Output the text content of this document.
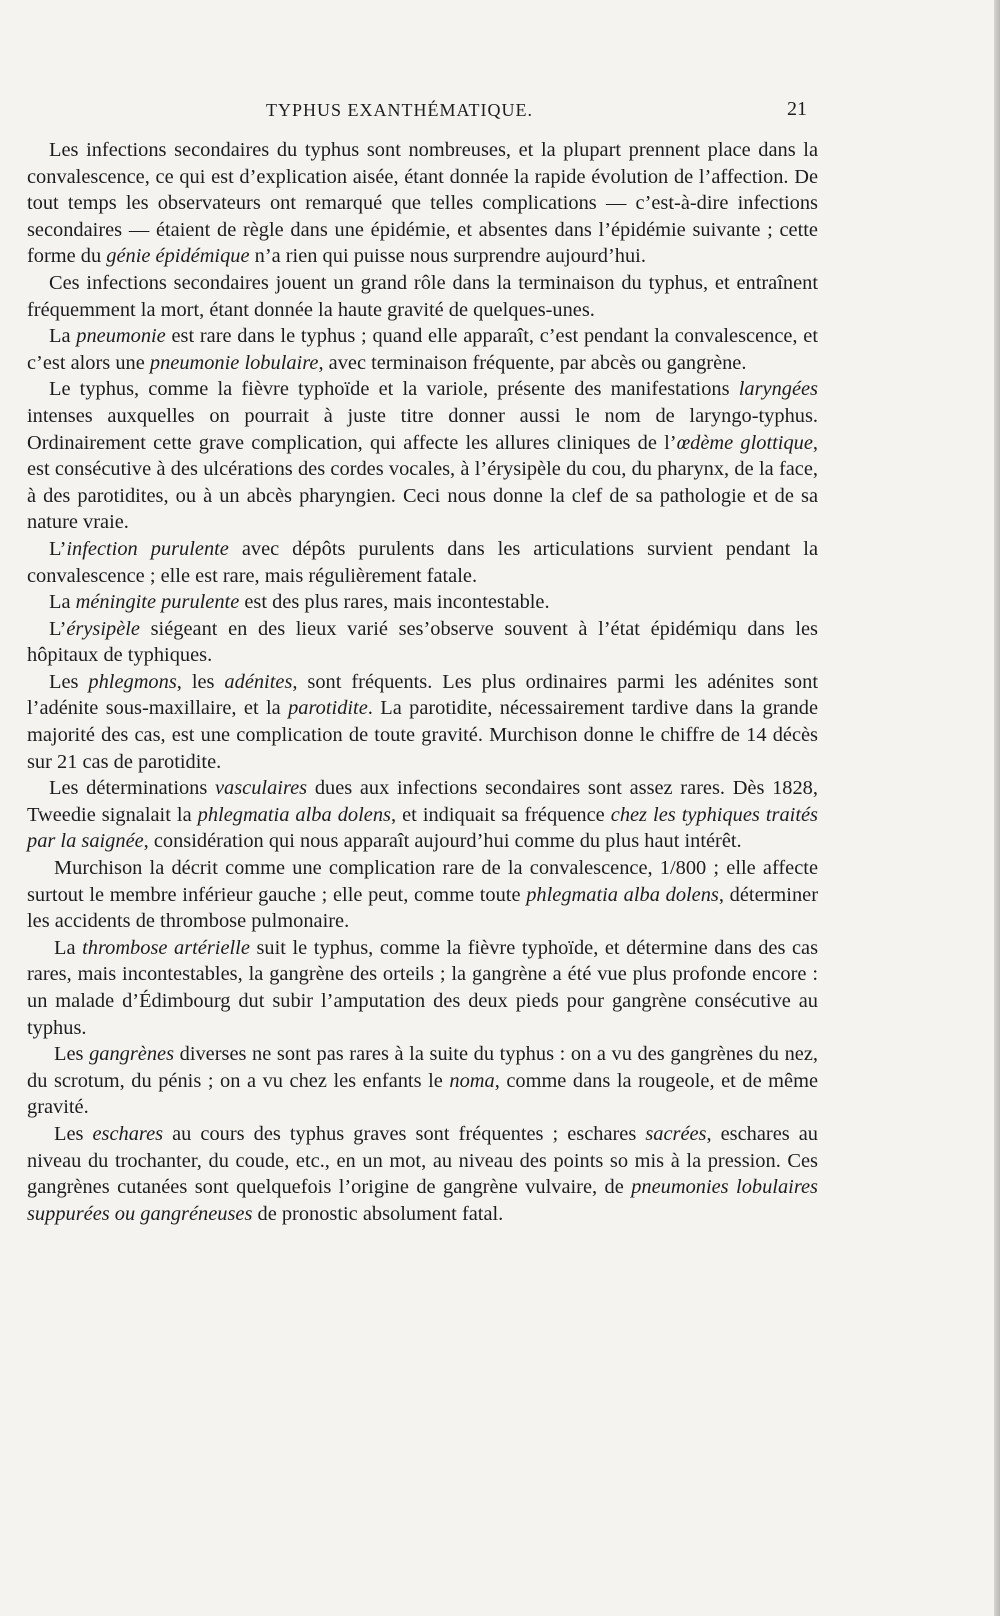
TYPHUS EXANTHÉMATIQUE.	21

Les infections secondaires du typhus sont nombreuses, et la plupart prennent place dans la convalescence, ce qui est d’explication aisée, étant donnée la rapide évolution de l’affection. De tout temps les observateurs ont remarqué que telles complications — c’est-à-dire infections secondaires — étaient de règle dans une épidémie, et absentes dans l’épidémie suivante ; cette forme du génie épidémique n’a rien qui puisse nous surprendre aujourd’hui.

Ces infections secondaires jouent un grand rôle dans la terminaison du typhus, et entraînent fréquemment la mort, étant donnée la haute gravité de quelques-unes.

La pneumonie est rare dans le typhus ; quand elle apparaît, c’est pendant la convalescence, et c’est alors une pneumonie lobulaire, avec terminaison fréquente, par abcès ou gangrène.

Le typhus, comme la fièvre typhoïde et la variole, présente des manifestations laryngées intenses auxquelles on pourrait à juste titre donner aussi le nom de laryngo-typhus. Ordinairement cette grave complication, qui affecte les allures cliniques de l’œdème glottique, est consécutive à des ulcérations des cordes vocales, à l’érysipèle du cou, du pharynx, de la face, à des parotidites, ou à un abcès pharyngien. Ceci nous donne la clef de sa pathologie et de sa nature vraie.

L’infection purulente avec dépôts purulents dans les articulations survient pendant la convalescence ; elle est rare, mais régulièrement fatale.

La méningite purulente est des plus rares, mais incontestable.

L’érysipèle siégeant en des lieux varié ses’observe souvent à l’état épidémiqu dans les hôpitaux de typhiques.

Les phlegmons, les adénites, sont fréquents. Les plus ordinaires parmi les adénites sont l’adénite sous-maxillaire, et la parotidite. La parotidite, nécessairement tardive dans la grande majorité des cas, est une complication de toute gravité. Murchison donne le chiffre de 14 décès sur 21 cas de parotidite.

Les déterminations vasculaires dues aux infections secondaires sont assez rares. Dès 1828, Tweedie signalait la phlegmatia alba dolens, et indiquait sa fréquence chez les typhiques traités par la saignée, considération qui nous apparaît aujourd’hui comme du plus haut intérêt.

Murchison la décrit comme une complication rare de la convalescence, 1/800 ; elle affecte surtout le membre inférieur gauche ; elle peut, comme toute phlegmatia alba dolens, déterminer les accidents de thrombose pulmonaire.

La thrombose artérielle suit le typhus, comme la fièvre typhoïde, et détermine dans des cas rares, mais incontestables, la gangrène des orteils ; la gangrène a été vue plus profonde encore : un malade d’Édimbourg dut subir l’amputation des deux pieds pour gangrène consécutive au typhus.

Les gangrènes diverses ne sont pas rares à la suite du typhus : on a vu des gangrènes du nez, du scrotum, du pénis ; on a vu chez les enfants le noma, comme dans la rougeole, et de même gravité.

Les eschares au cours des typhus graves sont fréquentes ; eschares sacrées, eschares au niveau du trochanter, du coude, etc., en un mot, au niveau des points so mis à la pression. Ces gangrènes cutanées sont quelquefois l’origine de gangrène vulvaire, de pneumonies lobulaires suppurées ou gangréneuses de pronostic absolument fatal.
